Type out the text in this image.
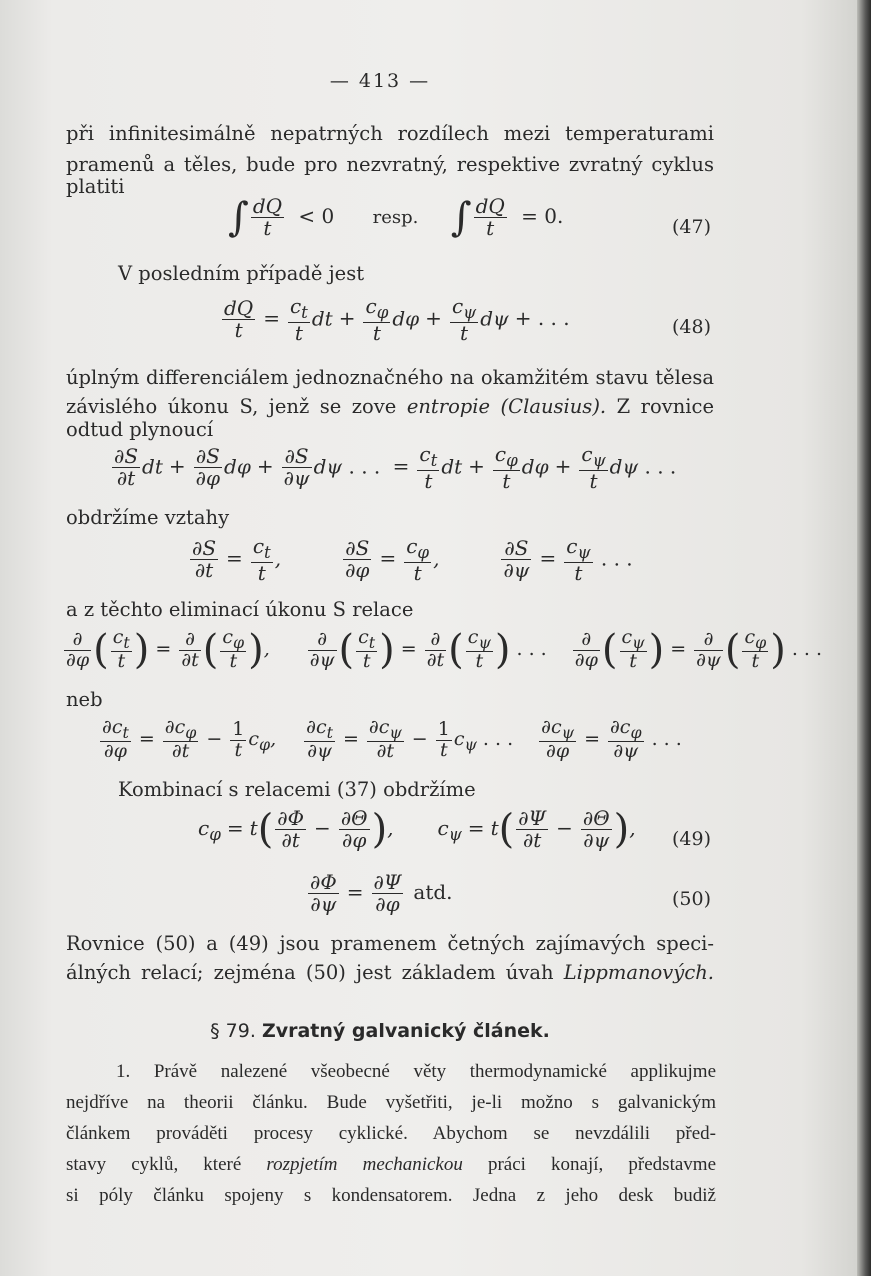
— 413 —
při infinitesimálně nepatrných rozdílech mezi temperaturami
pramenů a těles, bude pro nezvratný, respektive zvratný cyklus
platiti
∫ $\frac{dQ}{t} < 0$ resp. ∫ $\frac{dQ}{t} = 0$.	(47)
V posledním případě jest
$\frac{dQ}{t} = \frac{c_t}{t}$ dt + $\frac{c_\varphi}{t}$ $d\varphi + \frac{c_\psi}{t}$ dψ + . . .	(48)
úplným differenciálem jednoznačného na okamžitém stavu tělesa
závislého úkonu S, jenž se zove entropie (Clausius). Z rovnice
odtud plynoucí
$\frac{\partial S}{\partial t}$ dt + $\frac{\partial S}{\partial\varphi}$ $d\varphi + \frac{\partial S}{\partial\psi}$ dψ . . . = $\frac{c_t}{t}$ dt + $\frac{c_\varphi}{t}$ $d\varphi + \frac{c_\psi}{t}$ dψ . . .
obdržíme vztahy
$\frac{\partial S}{\partial t} = \frac{c_t}{t}$ ,	$\frac{\partial S}{\partial\varphi} = \frac{c_\varphi}{t}$ ,	$\frac{\partial S}{\partial\psi} = \frac{c_\psi}{t}$ . . .
a z těchto eliminací úkonu S relace
$\frac{\partial}{\partial\varphi}$ ( $\frac{c_t}{t}$ ) = $\frac{\partial}{\partial t}$ ( $\frac{c_\varphi}{t}$ ), $\frac{\partial}{\partial\psi}$ ( $\frac{c_t}{t}$ ) = $\frac{\partial}{\partial t}$ ( $\frac{c_\psi}{t}$ ) . . . $\frac{\partial}{\partial\varphi}$ ( $\frac{c_\psi}{t}$ ) = $\frac{\partial}{\partial\psi}$ ( $\frac{c_\varphi}{t}$ ) . . .
neb
$\frac{\partial c_t}{\partial\varphi} = \frac{\partial c_\varphi}{\partial t} - \frac{1}{t} c_\varphi$, $\frac{\partial c_t}{\partial\psi} = \frac{\partial c_\psi}{\partial t} - \frac{1}{t} c_\psi$ . . . $\frac{\partial c_\psi}{\partial\varphi} = \frac{\partial c_\varphi}{\partial\psi}$ . . .
Kombinací s relacemi (37) obdržíme
$c_\varphi = t( \frac{\partial\Phi}{\partial t} - \frac{\partial\Theta}{\partial\varphi}$ ), $c_\psi = t( \frac{\partial\Psi}{\partial t} - \frac{\partial\Theta}{\partial\psi}$ ), (49)
$\frac{\partial\Phi}{\partial\psi} = \frac{\partial\Psi}{\partial\varphi}$ atd.	(50)
Rovnice (50) a (49) jsou pramenem četných zajímavých speci-
álných relací; zejména (50) jest základem úvah Lippmanových.
§ 79. Zvratný galvanický článek.
1. Právě nalezené všeobecné věty thermodynamické applikujme
nejdříve na theorii článku. Bude vyšetřiti, je-li možno s galvanickým
článkem prováděti procesy cyklické. Abychom se nevzdálili před-
stavy cyklů, které rozpjetím mechanickou práci konají, představme
si póly článku spojeny s kondensatorem. Jedna z jeho desk budiž
